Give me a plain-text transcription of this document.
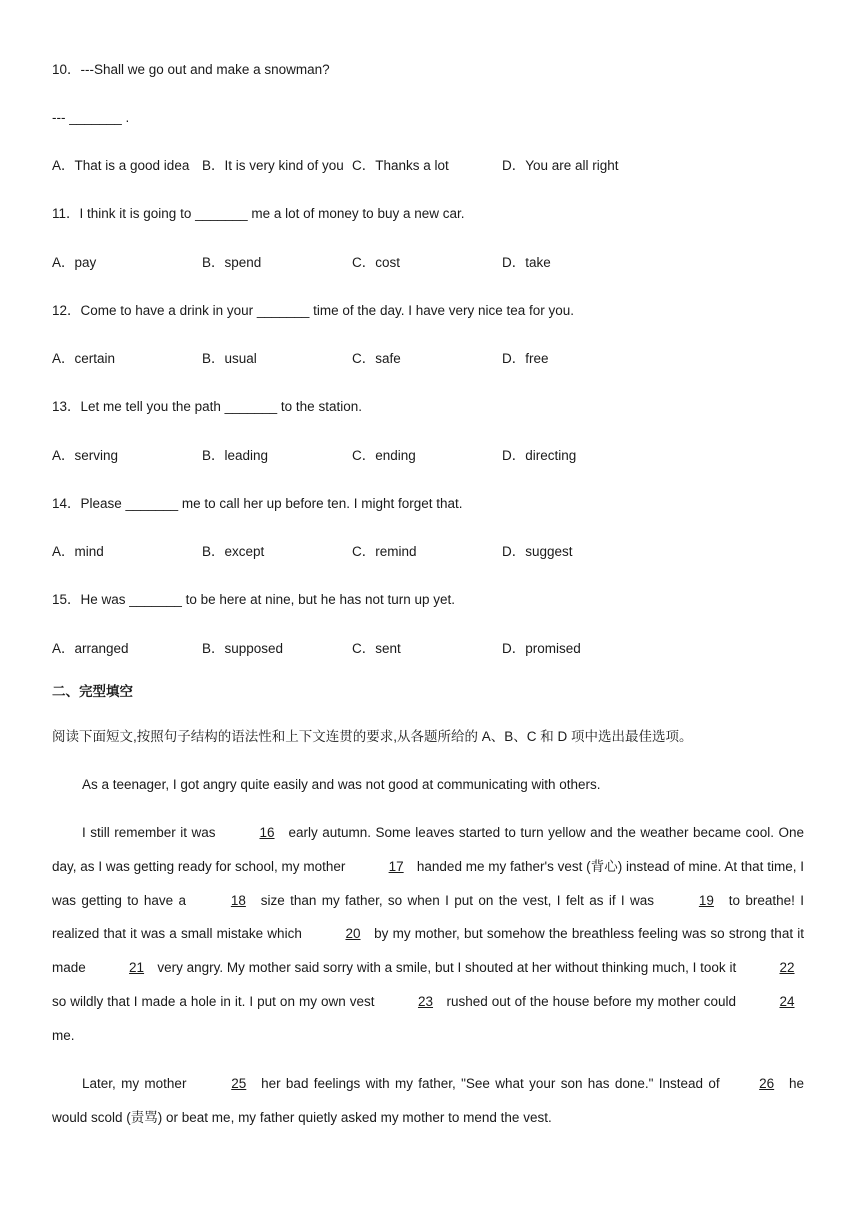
10．---Shall we go out and make a snowman?
--- _______ .
A．That is a good idea B．It is very kind of you C．Thanks a lot	D．You are all right
11．I think it is going to _______ me a lot of money to buy a new car.
A．pay	B．spend	C．cost	D．take
12．Come to have a drink in your _______ time of the day. I have very nice tea for you.
A．certain	B．usual	C．safe	D．free
13．Let me tell you the path _______ to the station.
A．serving	B．leading	C．ending	D．directing
14．Please _______ me to call her up before ten. I might forget that.
A．mind	B．except	C．remind	D．suggest
15．He was _______ to be here at nine, but he has not turn up yet.
A．arranged	B．supposed	C．sent	D．promised
二、完型填空
阅读下面短文,按照句子结构的语法性和上下文连贯的要求,从各题所给的 A、B、C 和 D 项中选出最佳选项。
As a teenager, I got angry quite easily and was not good at communicating with others.
I still remember it was	16 early autumn. Some leaves started to turn yellow and the weather became cool. One day, as I was getting ready for school, my mother	17 handed me my father's vest (背心) instead of mine. At that time, I was getting to have a	18 size than my father, so when I put on the vest, I felt as if I was	19 to breathe! I realized that it was a small mistake which	20 by my mother, but somehow the breathless feeling was so strong that it made	21 very angry. My mother said sorry with a smile, but I shouted at her without thinking much, I took it	22 so wildly that I made a hole in it. I put on my own vest	23 rushed out of the house before my mother could	24 me.
Later, my mother	25 her bad feelings with my father, "See what your son has done." Instead of	26 he would scold (责骂) or beat me, my father quietly asked my mother to mend the vest.
